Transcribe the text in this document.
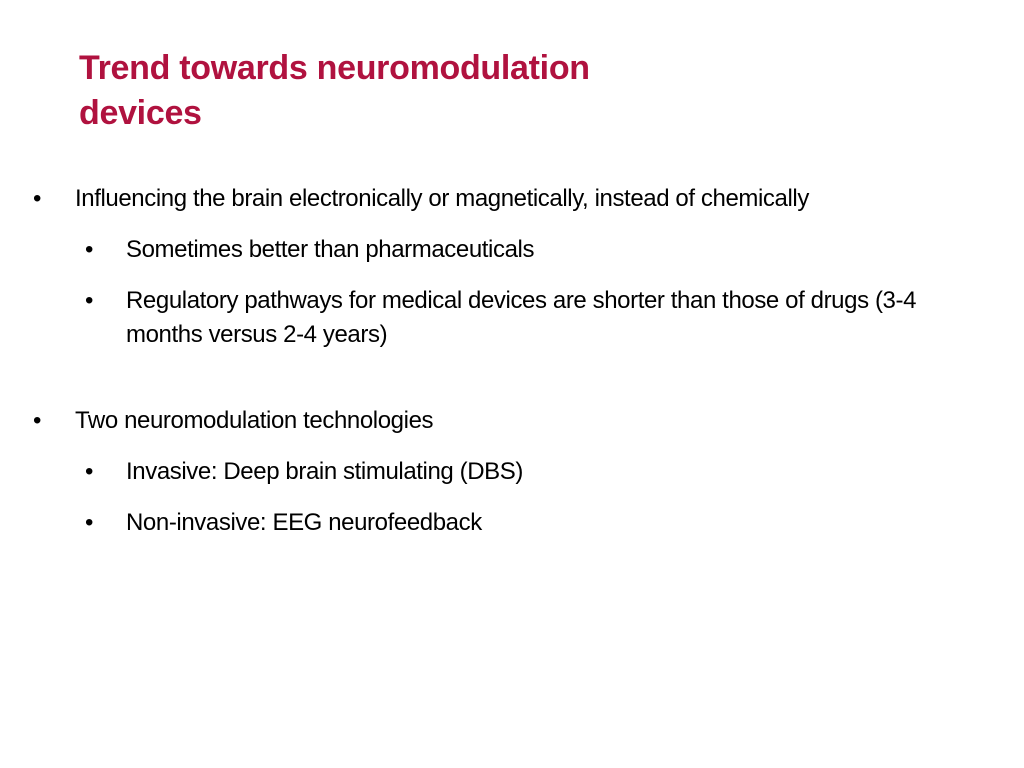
Trend towards neuromodulation
devices
• Influencing the brain electronically or magnetically, instead of chemically
• Sometimes better than pharmaceuticals
• Regulatory pathways for medical devices are shorter than those of drugs (3-4 months versus 2-4 years)
• Two neuromodulation technologies
• Invasive: Deep brain stimulating (DBS)
• Non-invasive: EEG neurofeedback
